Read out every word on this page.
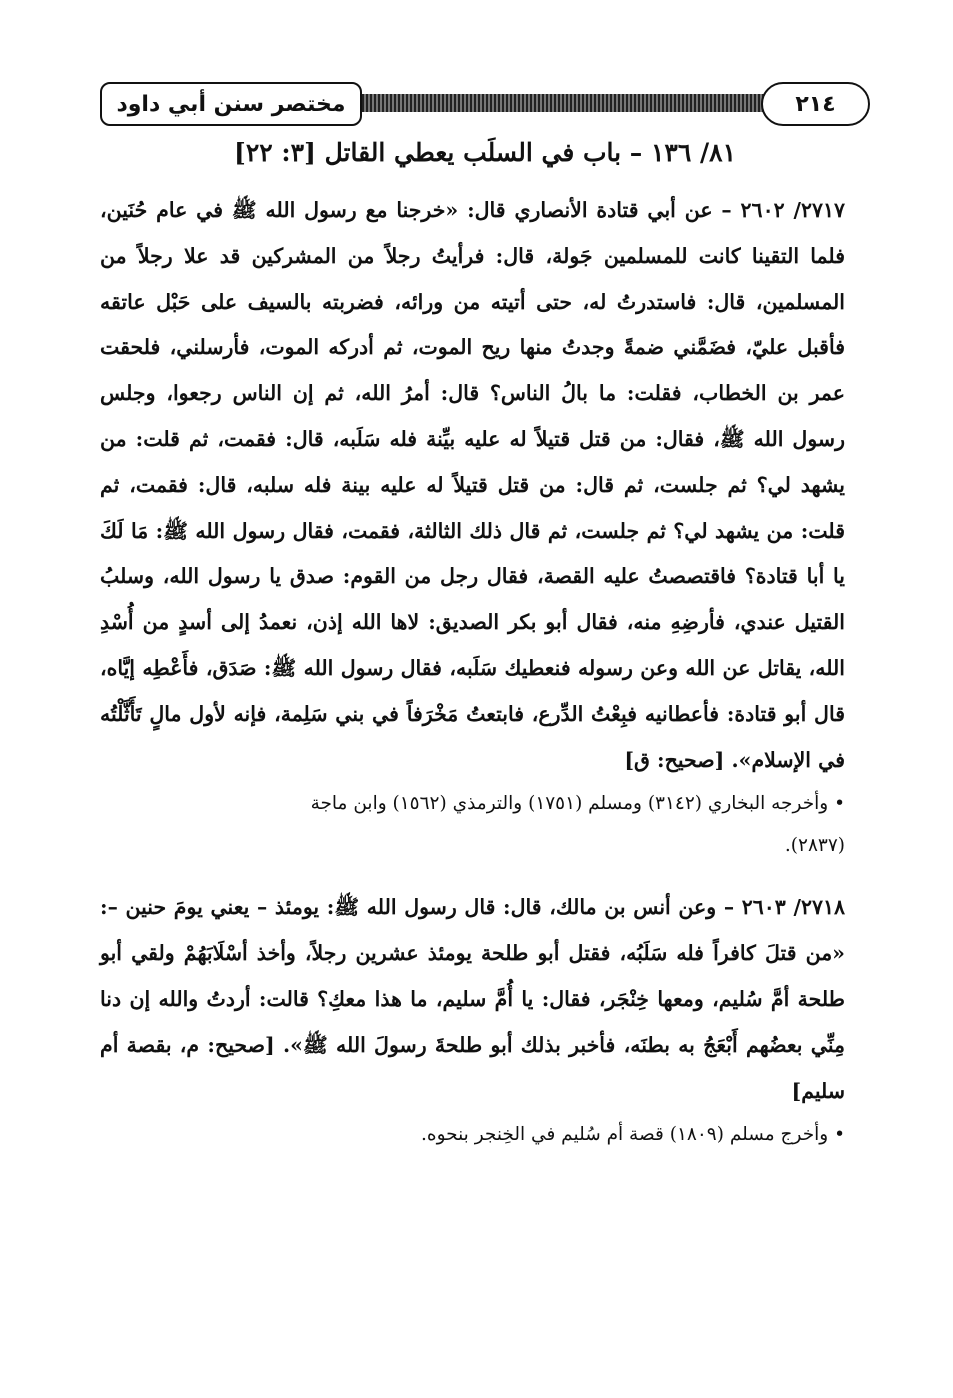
مختصر سنن أبي داود	٢١٤
٨١/ ١٣٦ – باب في السلَب يعطي القاتل [٣: ٢٢]

٢٧١٧/ ٢٦٠٢ – عن أبي قتادة الأنصاري قال: «خرجنا مع رسول الله ﷺ في عام حُنَين، فلما التقينا كانت للمسلمين جَولة، قال: فرأيتُ رجلاً من المشركين قد علا رجلاً من المسلمين، قال: فاستدرتُ له، حتى أتيته من ورائه، فضربته بالسيف على حَبْل عاتقه فأقبل عليّ، فضَمَّني ضمةً وجدتُ منها ريح الموت، ثم أدركه الموت، فأرسلني، فلحقت عمر بن الخطاب، فقلت: ما بالُ الناس؟ قال: أمرُ الله، ثم إن الناس رجعوا، وجلس رسول الله ﷺ، فقال: من قتل قتيلاً له عليه بيِّنة فله سَلَبه، قال: فقمت، ثم قلت: من يشهد لي؟ ثم جلست، ثم قال: من قتل قتيلاً له عليه بينة فله سلبه، قال: فقمت، ثم قلت: من يشهد لي؟ ثم جلست، ثم قال ذلك الثالثة، فقمت، فقال رسول الله ﷺ: مَا لَكَ يا أبا قتادة؟ فاقتصصتُ عليه القصة، فقال رجل من القوم: صدق يا رسول الله، وسلبُ القتيل عندي، فأرضِهِ منه، فقال أبو بكر الصديق: لاها الله إذن، نعمدُ إلى أسدٍ من أُسْدِ الله، يقاتل عن الله وعن رسوله فنعطيك سَلَبه، فقال رسول الله ﷺ: صَدَق، فأَعْطِه إيَّاه، قال أبو قتادة: فأعطانيه فبِعْتُ الدِّرع، فابتعتُ مَخْرَفاً في بني سَلِمة، فإنه لأول مالٍ تَأَثَّلْتُه في الإسلام». [صحيح: ق]

• وأخرجه البخاري (٣١٤٢) ومسلم (١٧٥١) والترمذي (١٥٦٢) وابن ماجة
(٢٨٣٧).

٢٧١٨/ ٢٦٠٣ – وعن أنس بن مالك، قال: قال رسول الله ﷺ: يومئذ – يعني يومَ حنين –: «من قتلَ كافراً فله سَلَبُه، فقتل أبو طلحة يومئذ عشرين رجلاً، وأخذ أسْلَابَهُمْ ولقي أبو طلحة أمَّ سُليم، ومعها خِنْجَر، فقال: يا أُمَّ سليم، ما هذا معكِ؟ قالت: أردتُ والله إن دنا مِنِّي بعضُهم أَبْعَجُ به بطنَه، فأخبر بذلك أبو طلحةَ رسولَ الله ﷺ». [صحيح: م، بقصة أم سليم]

• وأخرج مسلم (١٨٠٩) قصة أم سُليم في الخِنجر بنحوه.
